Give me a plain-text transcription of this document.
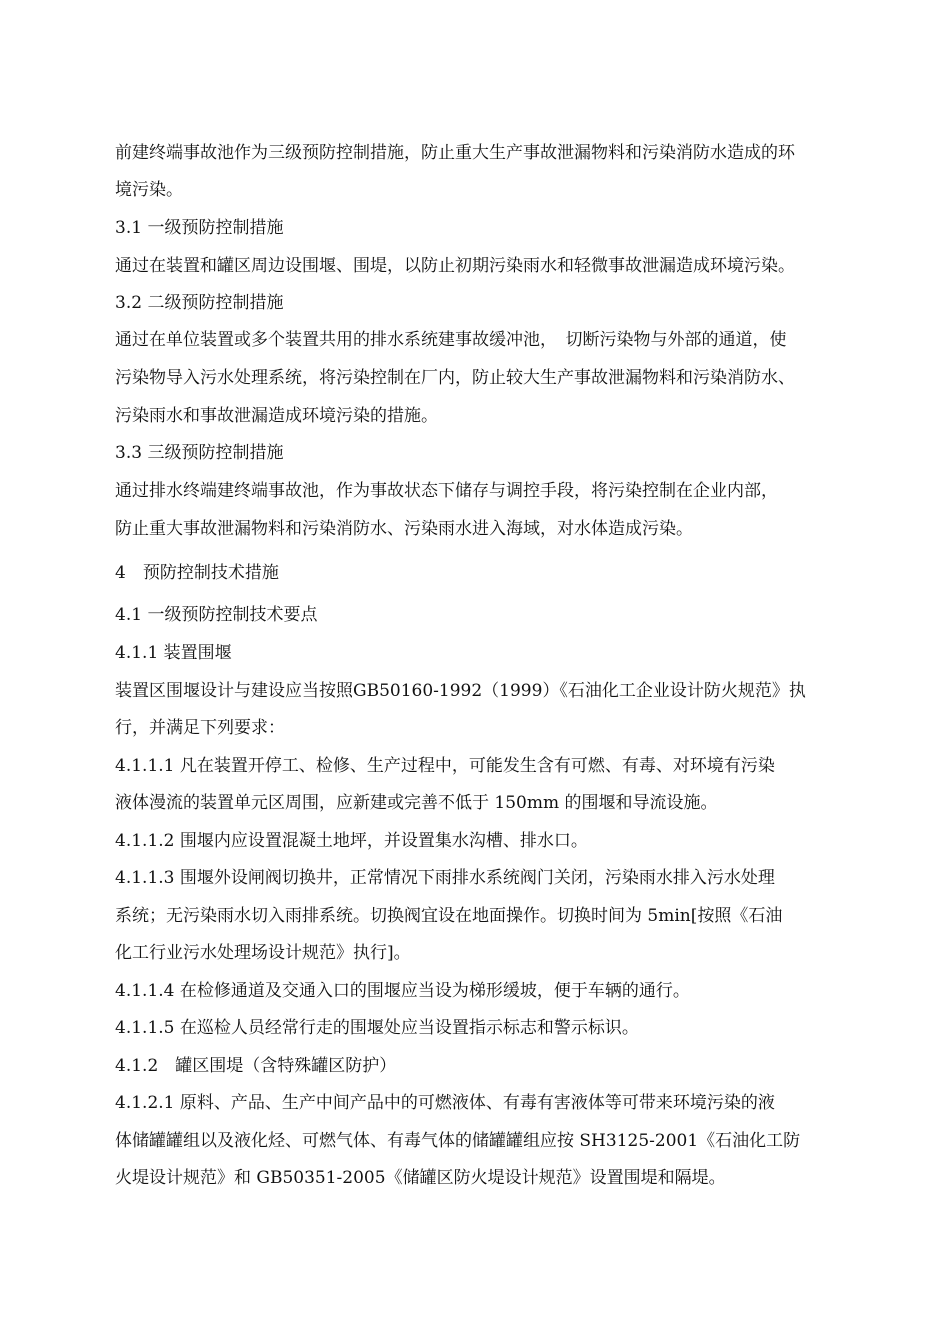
前建终端事故池作为三级预防控制措施，防止重大生产事故泄漏物料和污染消防水造成的环
境污染。
3.1 一级预防控制措施
通过在装置和罐区周边设围堰、围堤，以防止初期污染雨水和轻微事故泄漏造成环境污染。
3.2 二级预防控制措施
通过在单位装置或多个装置共用的排水系统建事故缓冲池，　切断污染物与外部的通道，使
污染物导入污水处理系统，将污染控制在厂内，防止较大生产事故泄漏物料和污染消防水、
污染雨水和事故泄漏造成环境污染的措施。
3.3 三级预防控制措施
通过排水终端建终端事故池，作为事故状态下储存与调控手段，将污染控制在企业内部，
防止重大事故泄漏物料和污染消防水、污染雨水进入海域，对水体造成污染。
4　预防控制技术措施
4.1 一级预防控制技术要点
4.1.1 装置围堰
装置区围堰设计与建设应当按照GB50160-1992（1999）《石油化工企业设计防火规范》执
行，并满足下列要求：
4.1.1.1 凡在装置开停工、检修、生产过程中，可能发生含有可燃、有毒、对环境有污染
液体漫流的装置单元区周围，应新建或完善不低于 150mm 的围堰和导流设施。
4.1.1.2 围堰内应设置混凝土地坪，并设置集水沟槽、排水口。
4.1.1.3 围堰外设闸阀切换井，正常情况下雨排水系统阀门关闭，污染雨水排入污水处理
系统；无污染雨水切入雨排系统。切换阀宜设在地面操作。切换时间为 5min[按照《石油
化工行业污水处理场设计规范》执行]。
4.1.1.4 在检修通道及交通入口的围堰应当设为梯形缓坡，便于车辆的通行。
4.1.1.5 在巡检人员经常行走的围堰处应当设置指示标志和警示标识。
4.1.2　罐区围堤（含特殊罐区防护）
4.1.2.1 原料、产品、生产中间产品中的可燃液体、有毒有害液体等可带来环境污染的液
体储罐罐组以及液化烃、可燃气体、有毒气体的储罐罐组应按 SH3125-2001《石油化工防
火堤设计规范》和 GB50351-2005《储罐区防火堤设计规范》设置围堤和隔堤。
